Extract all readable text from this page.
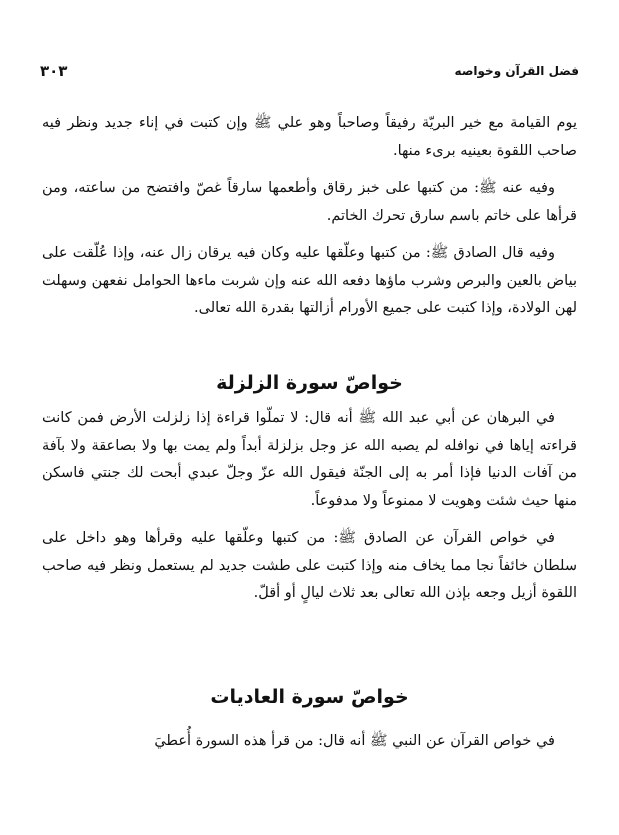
٣٠٣	فضل القرآن وخواصه

يوم القيامة مع خير البريّة رفيقاً وصاحباً وهو علي ﷺ وإن كتبت في إناء جديد ونظر فيه صاحب اللقوة بعينيه برىء منها.

وفيه عنه ﷺ: من كتبها على خبز رقاق وأطعمها سارقاً غصّ وافتضح من ساعته، ومن قرأها على خاتم باسم سارق تحرك الخاتم.

وفيه قال الصادق ﷺ: من كتبها وعلّقها عليه وكان فيه يرقان زال عنه، وإذا عُلّقت على بياض بالعين والبرص وشرب ماؤها دفعه الله عنه وإن شربت ماءها الحوامل نفعهن وسهلت لهن الولادة، وإذا كتبت على جميع الأورام أزالتها بقدرة الله تعالى.

خواصّ سورة الزلزلة

في البرهان عن أبي عبد الله ﷺ أنه قال: لا تملّوا قراءة إذا زلزلت الأرض فمن كانت قراءته إياها في نوافله لم يصبه الله عز وجل بزلزلة أبداً ولم يمت بها ولا بصاعقة ولا بآفة من آفات الدنيا فإذا أمر به إلى الجنّة فيقول الله عزّ وجلّ عبدي أبحت لك جنتي فاسكن منها حيث شئت وهويت لا ممنوعاً ولا مدفوعاً.

في خواص القرآن عن الصادق ﷺ: من كتبها وعلّقها عليه وقرأها وهو داخل على سلطان خائفاً نجا مما يخاف منه وإذا كتبت على طشت جديد لم يستعمل ونظر فيه صاحب اللقوة أزيل وجعه بإذن الله تعالى بعد ثلاث ليالٍ أو أقلّ.

خواصّ سورة العاديات

في خواص القرآن عن النبي ﷺ أنه قال: من قرأ هذه السورة أُعطيَ
